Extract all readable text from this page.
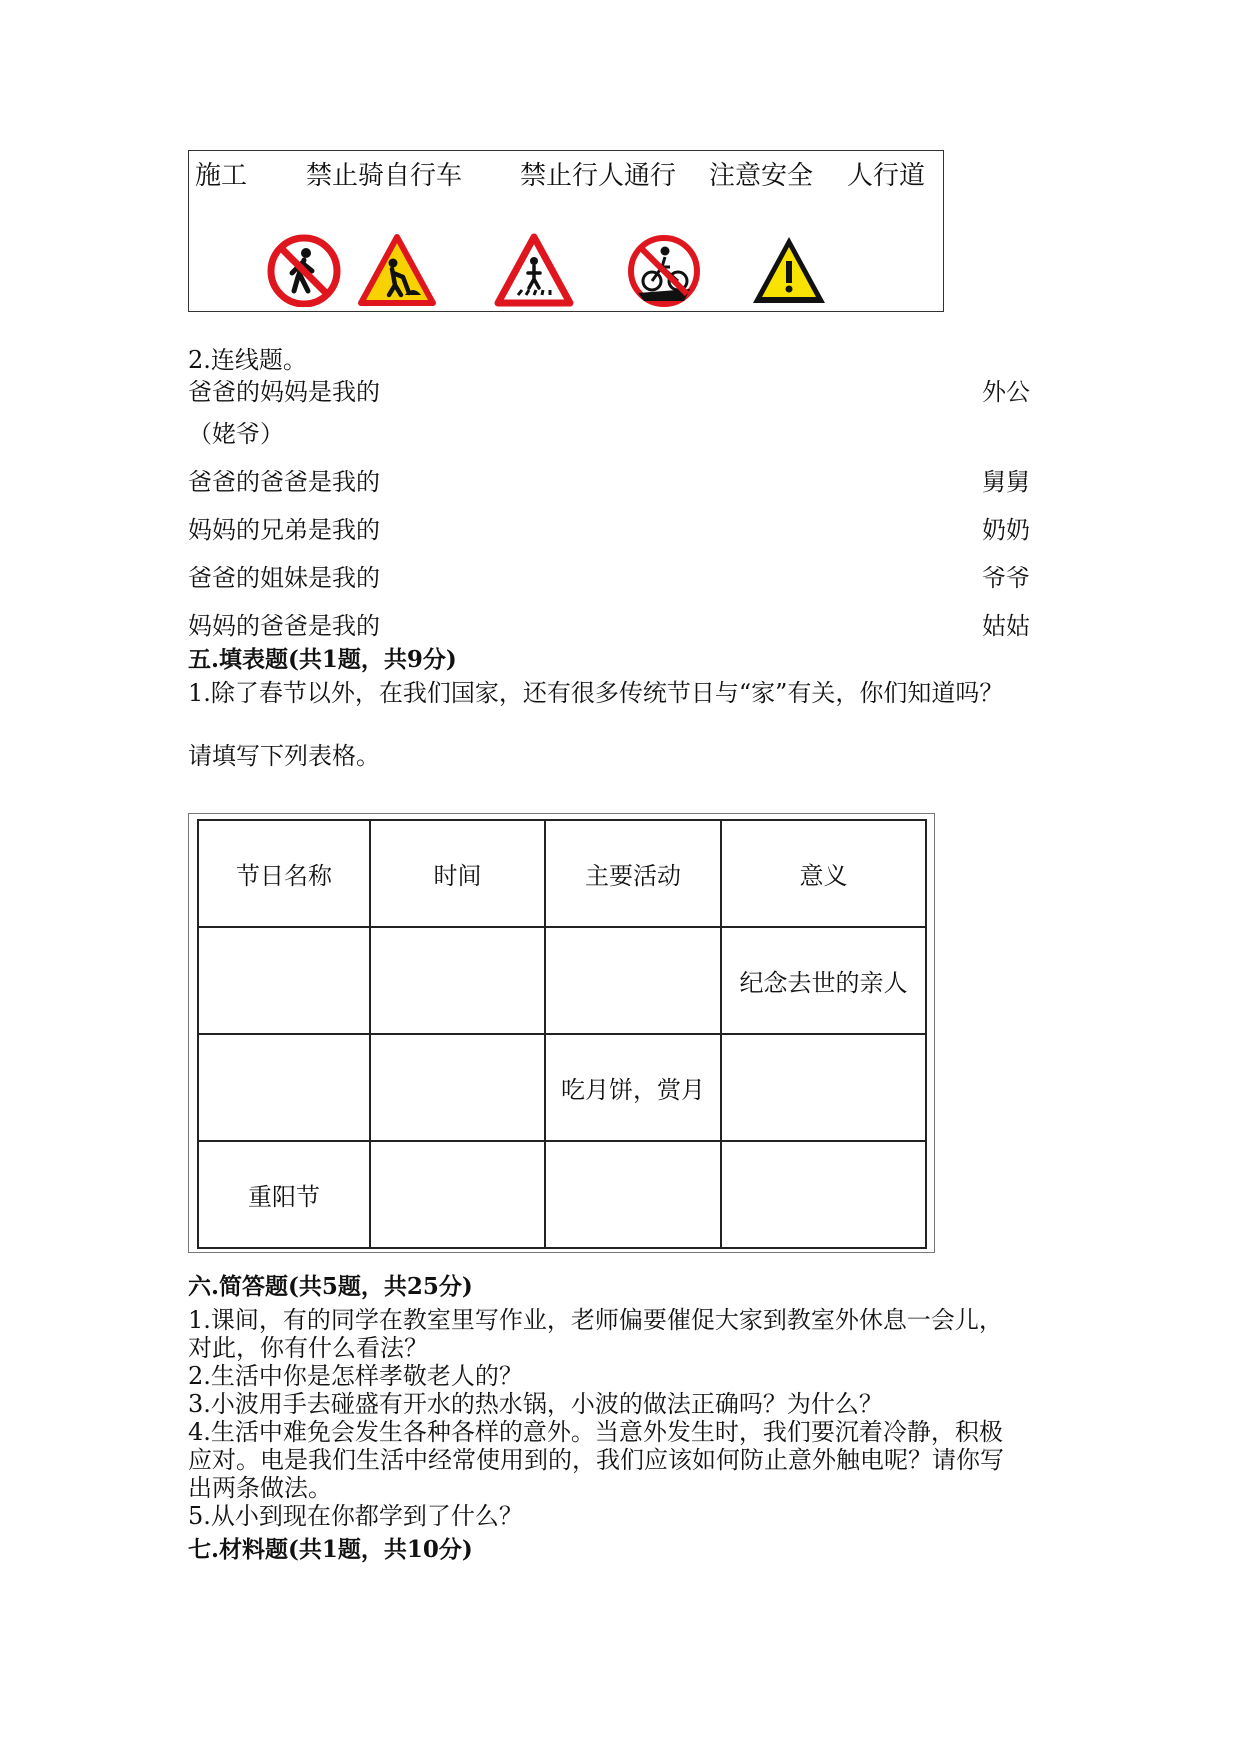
施工 禁止骑自行车 禁止行人通行 注意安全 人行道
2.连线题。
爸爸的妈妈是我的	外公
（姥爷）
爸爸的爸爸是我的	舅舅
妈妈的兄弟是我的	奶奶
爸爸的姐妹是我的	爷爷
妈妈的爸爸是我的	姑姑
五.填表题(共1题，共9分)
1.除了春节以外，在我们国家，还有很多传统节日与“家”有关，你们知道吗？
请填写下列表格。
节日名称	时间	主要活动	意义
			纪念去世的亲人
		吃月饼，赏月	
重阳节			
六.简答题(共5题，共25分)
1.课间，有的同学在教室里写作业，老师偏要催促大家到教室外休息一会儿，
对此，你有什么看法？
2.生活中你是怎样孝敬老人的？
3.小波用手去碰盛有开水的热水锅，小波的做法正确吗？为什么？
4.生活中难免会发生各种各样的意外。当意外发生时，我们要沉着冷静，积极
应对。电是我们生活中经常使用到的，我们应该如何防止意外触电呢？请你写
出两条做法。
5.从小到现在你都学到了什么？
七.材料题(共1题，共10分)
